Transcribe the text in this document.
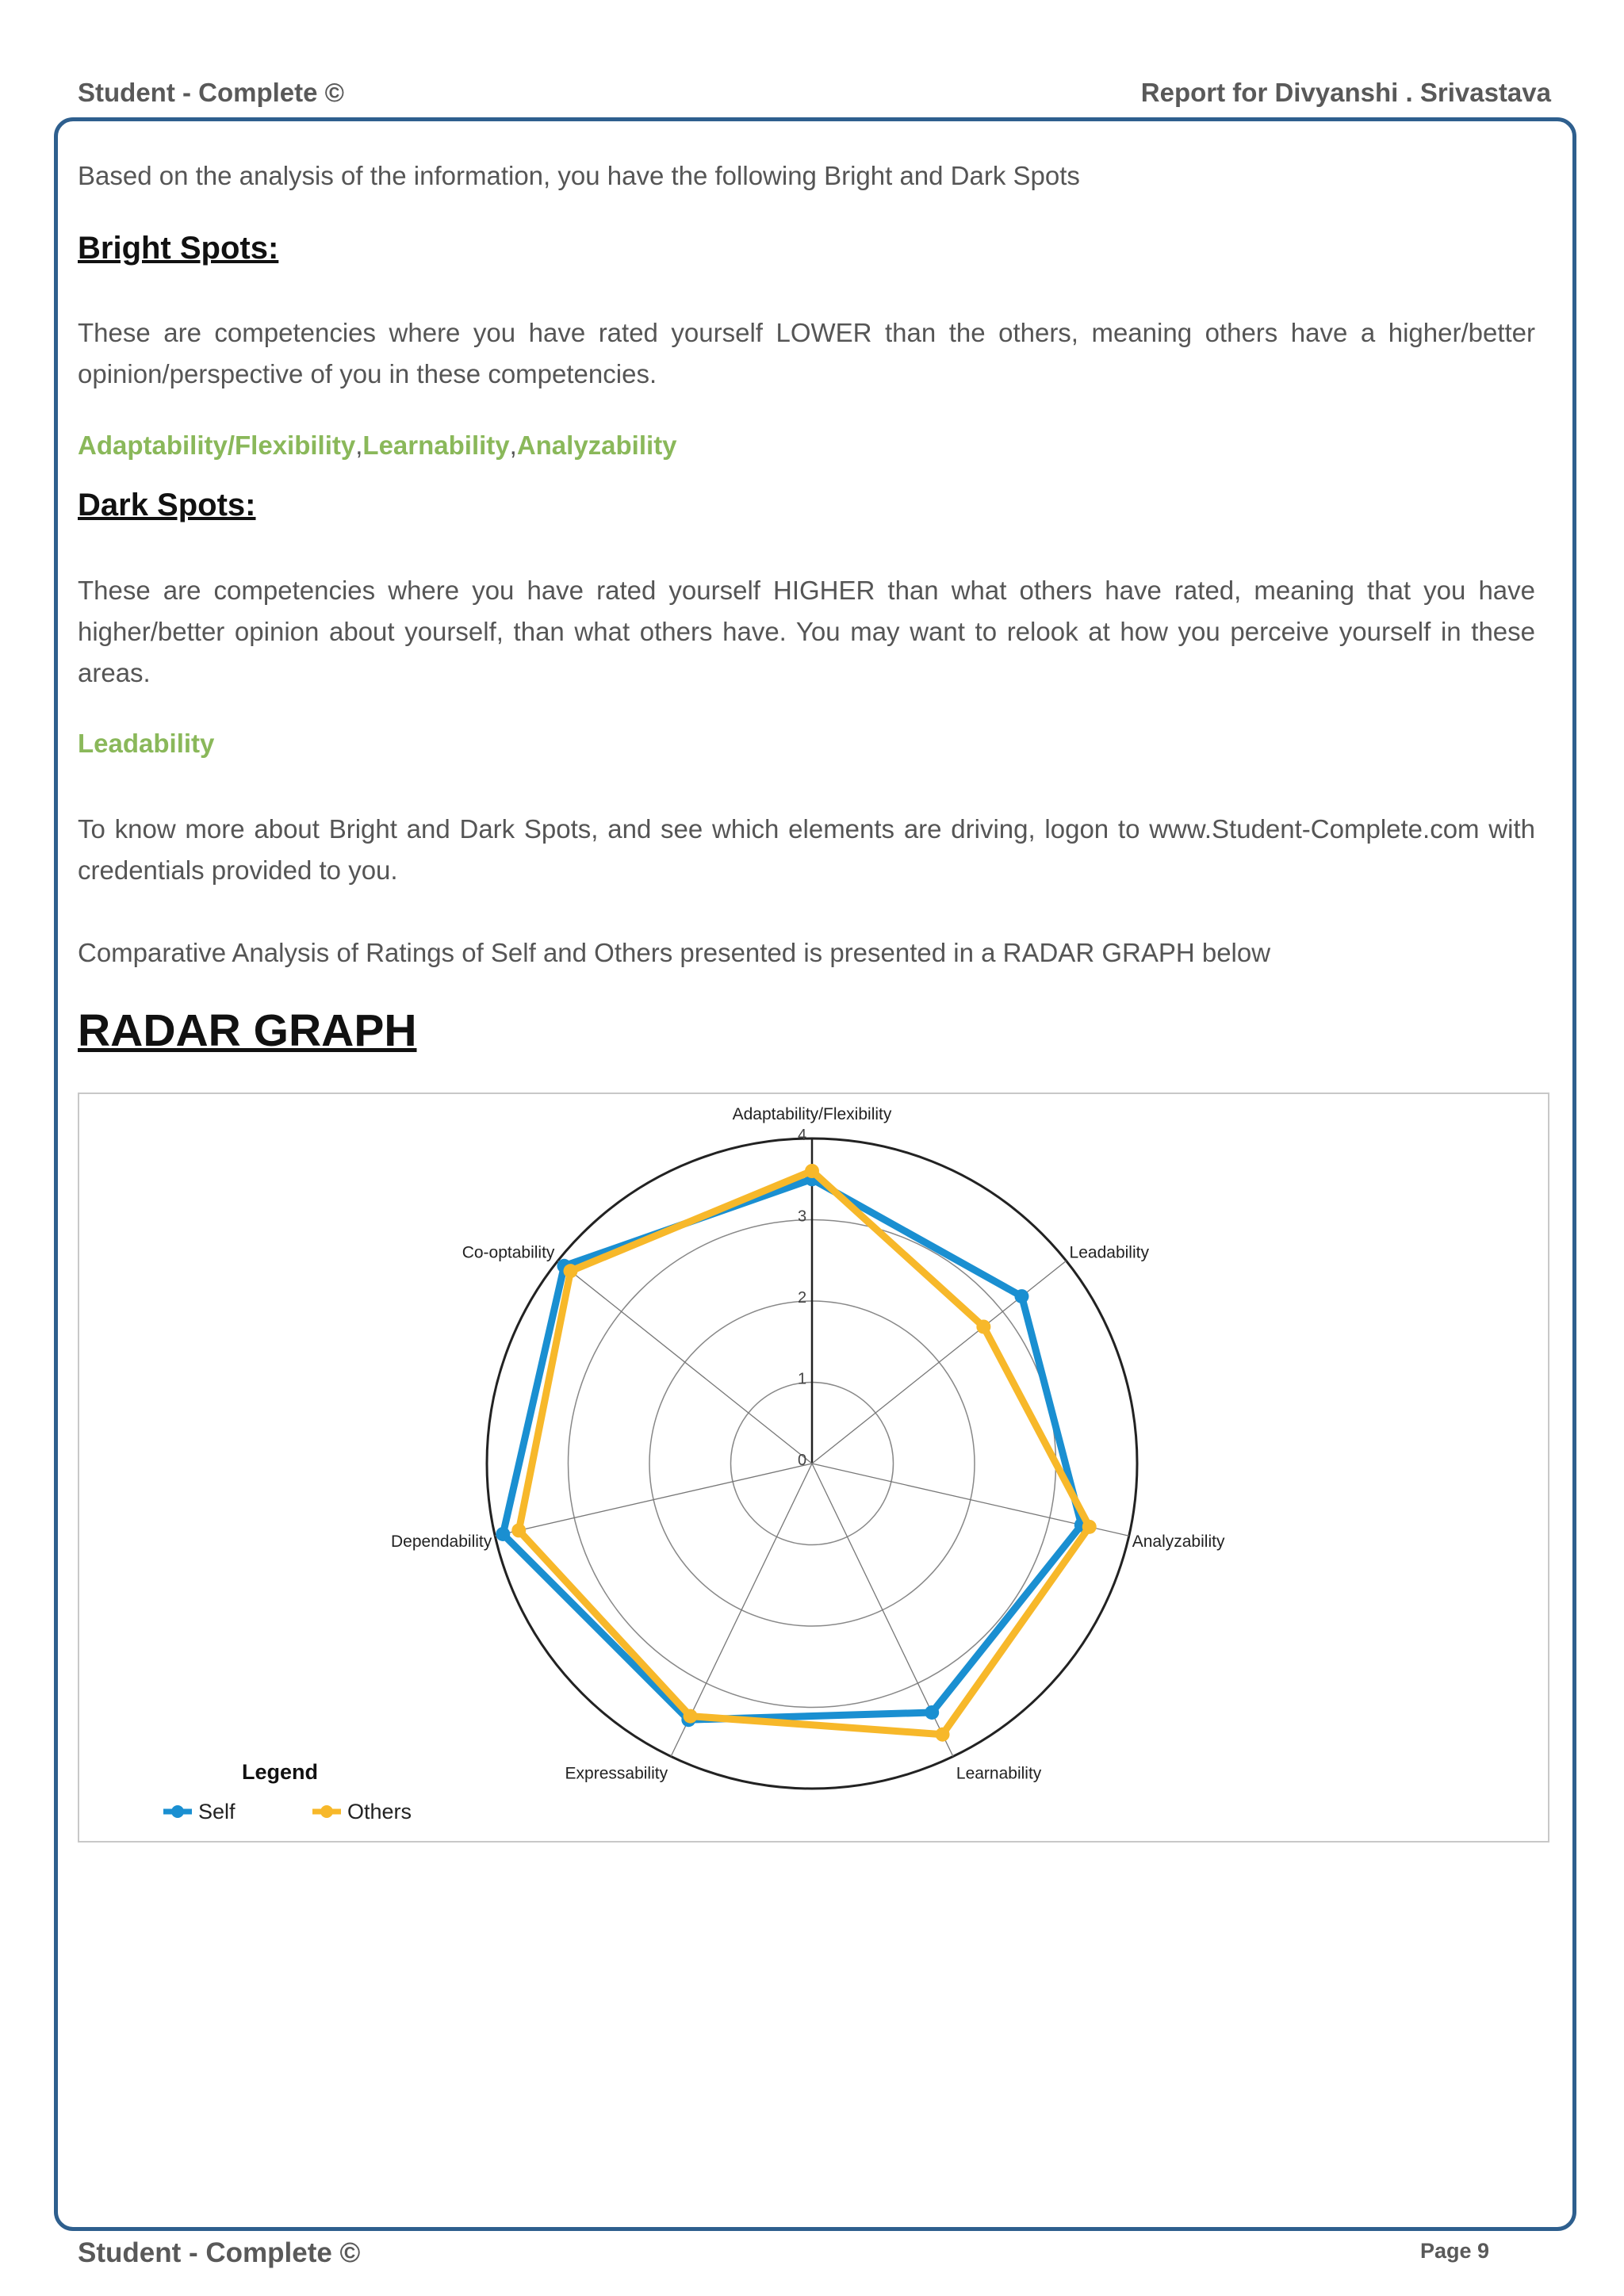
Student - Complete ©	Report for Divyanshi . Srivastava

Based on the analysis of the information, you have the following Bright and Dark Spots

Bright Spots:

These are competencies where you have rated yourself LOWER than the others, meaning others have a higher/better opinion/perspective of you in these competencies.

Adaptability/Flexibility,Learnability,Analyzability

Dark Spots:

These are competencies where you have rated yourself HIGHER than what others have rated, meaning that you have higher/better opinion about yourself, than what others have. You may want to relook at how you perceive yourself in these areas.

Leadability

To know more about Bright and Dark Spots, and see which elements are driving, logon to www.Student-Complete.com with credentials provided to you.

Comparative Analysis of Ratings of Self and Others presented is presented in a RADAR GRAPH below

RADAR GRAPH
0
1
2
3
4
Adaptability/Flexibility
Leadability
Analyzability
Learnability
Expressability
Dependability
Co-optability
Legend
Self	Others
Student - Complete ©	Page 9
